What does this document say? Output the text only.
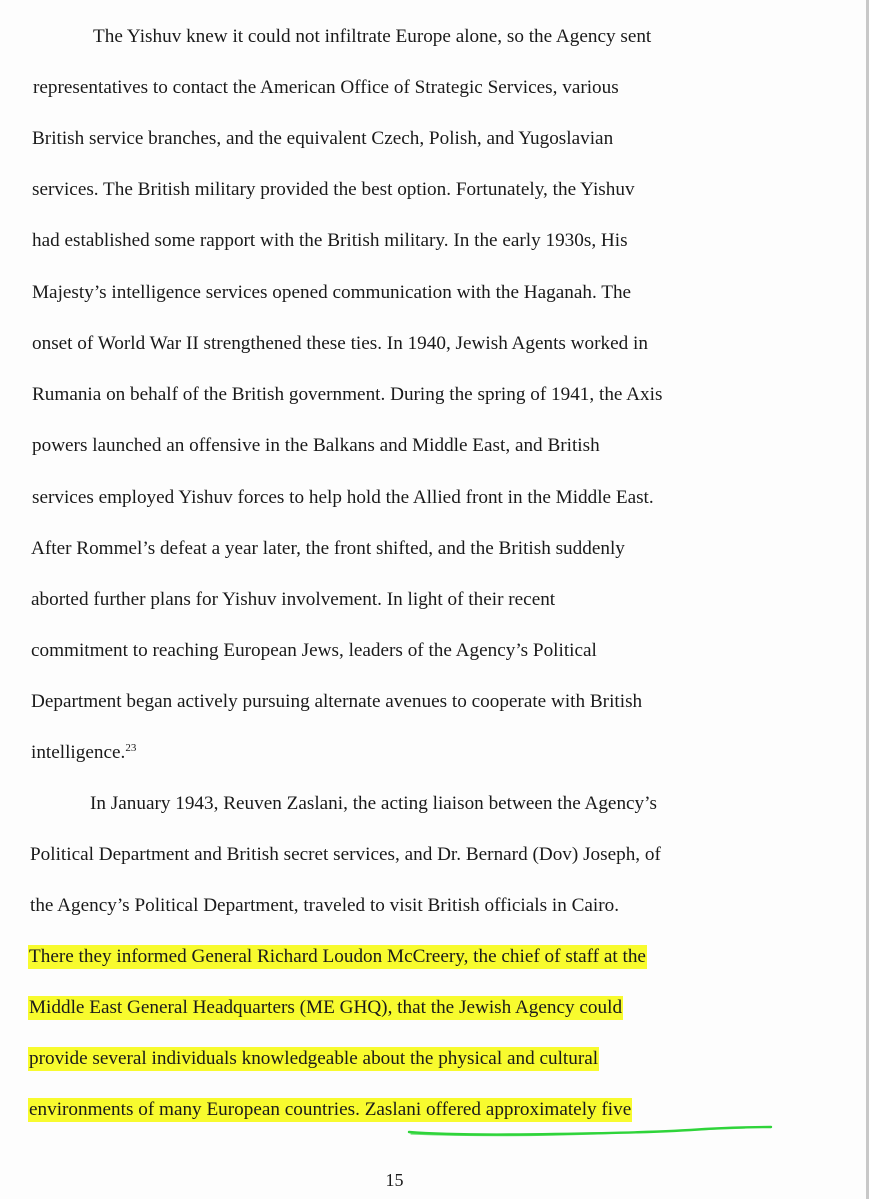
The Yishuv knew it could not infiltrate Europe alone, so the Agency sent
representatives to contact the American Office of Strategic Services, various
British service branches, and the equivalent Czech, Polish, and Yugoslavian
services. The British military provided the best option. Fortunately, the Yishuv
had established some rapport with the British military. In the early 1930s, His
Majesty’s intelligence services opened communication with the Haganah. The
onset of World War II strengthened these ties. In 1940, Jewish Agents worked in
Rumania on behalf of the British government. During the spring of 1941, the Axis
powers launched an offensive in the Balkans and Middle East, and British
services employed Yishuv forces to help hold the Allied front in the Middle East.
After Rommel’s defeat a year later, the front shifted, and the British suddenly
aborted further plans for Yishuv involvement. In light of their recent
commitment to reaching European Jews, leaders of the Agency’s Political
Department began actively pursuing alternate avenues to cooperate with British
intelligence.$^{23}$
In January 1943, Reuven Zaslani, the acting liaison between the Agency’s
Political Department and British secret services, and Dr. Bernard (Dov) Joseph, of
the Agency’s Political Department, traveled to visit British officials in Cairo.
There they informed General Richard Loudon McCreery, the chief of staff at the
Middle East General Headquarters (ME GHQ), that the Jewish Agency could
provide several individuals knowledgeable about the physical and cultural
environments of many European countries. Zaslani offered approximately five
15
